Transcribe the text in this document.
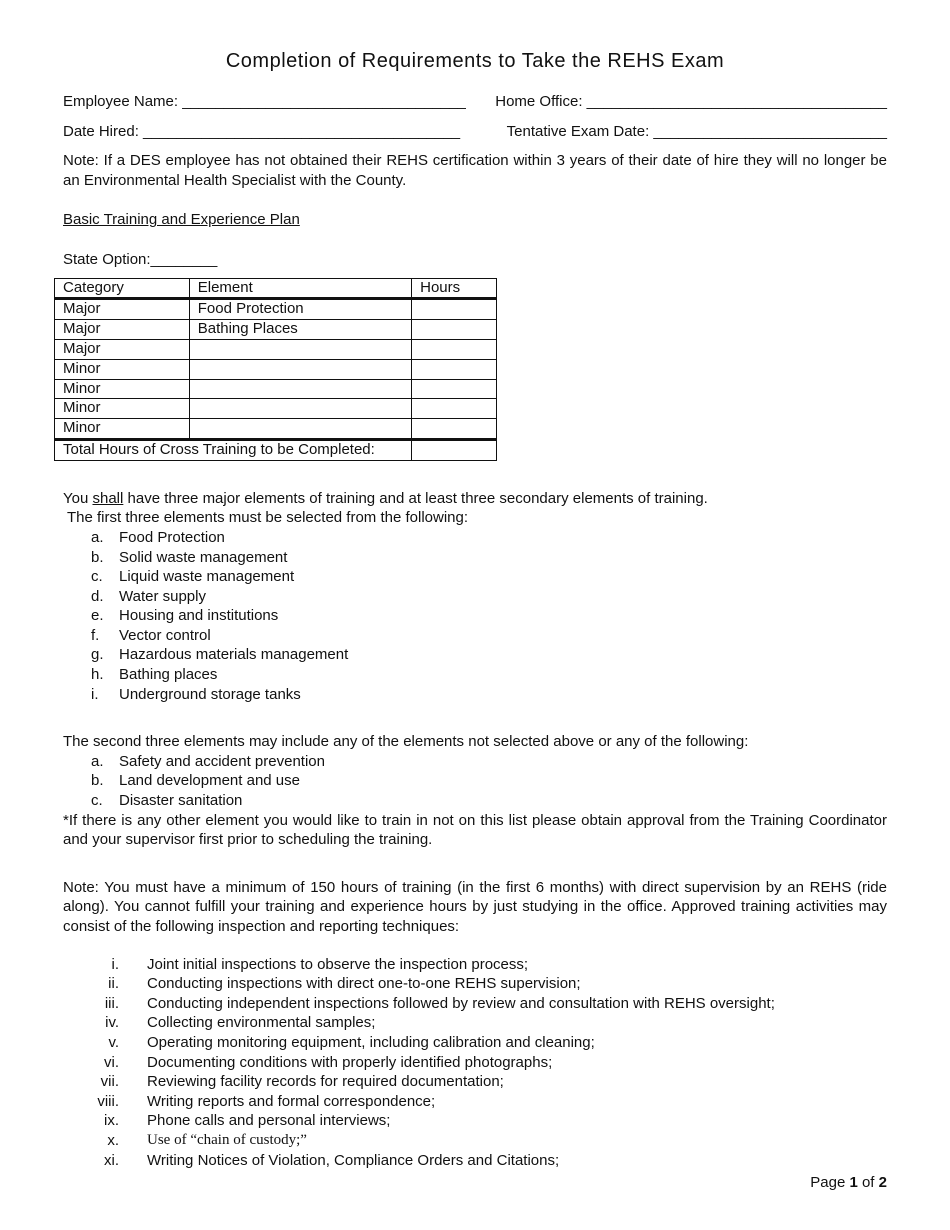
Completion of Requirements to Take the REHS Exam
Employee Name: __________________________________ Home Office: ____________________________________
Date Hired: ______________________________________	Tentative Exam Date: ____________________________

Note: If a DES employee has not obtained their REHS certification within 3 years of their date of hire they will no longer be an Environmental Health Specialist with the County.

Basic Training and Experience Plan
State Option:________
Category	Element	Hours
Major	Food Protection	
Major	Bathing Places	
Major		
Minor		
Minor		
Minor		
Minor		
Total Hours of Cross Training to be Completed:		
You shall have three major elements of training and at least three secondary elements of training.
The first three elements must be selected from the following:
a.	Food Protection
b.	Solid waste management
c.	Liquid waste management
d.	Water supply
e.	Housing and institutions
f.	Vector control
g.	Hazardous materials management
h.	Bathing places
i.	Underground storage tanks
The second three elements may include any of the elements not selected above or any of the following:
a.	Safety and accident prevention
b.	Land development and use
c.	Disaster sanitation
*If there is any other element you would like to train in not on this list please obtain approval from the Training Coordinator and your supervisor first prior to scheduling the training.
Note: You must have a minimum of 150 hours of training (in the first 6 months) with direct supervision by an REHS (ride along). You cannot fulfill your training and experience hours by just studying in the office. Approved training activities may consist of the following inspection and reporting techniques:
i.	Joint initial inspections to observe the inspection process;
ii.	Conducting inspections with direct one-to-one REHS supervision;
iii.	Conducting independent inspections followed by review and consultation with REHS oversight;
iv.	Collecting environmental samples;
v.	Operating monitoring equipment, including calibration and cleaning;
vi.	Documenting conditions with properly identified photographs;
vii.	Reviewing facility records for required documentation;
viii.	Writing reports and formal correspondence;
ix.	Phone calls and personal interviews;
x.	Use of “chain of custody;”
xi.	Writing Notices of Violation, Compliance Orders and Citations;
Page 1 of 2
